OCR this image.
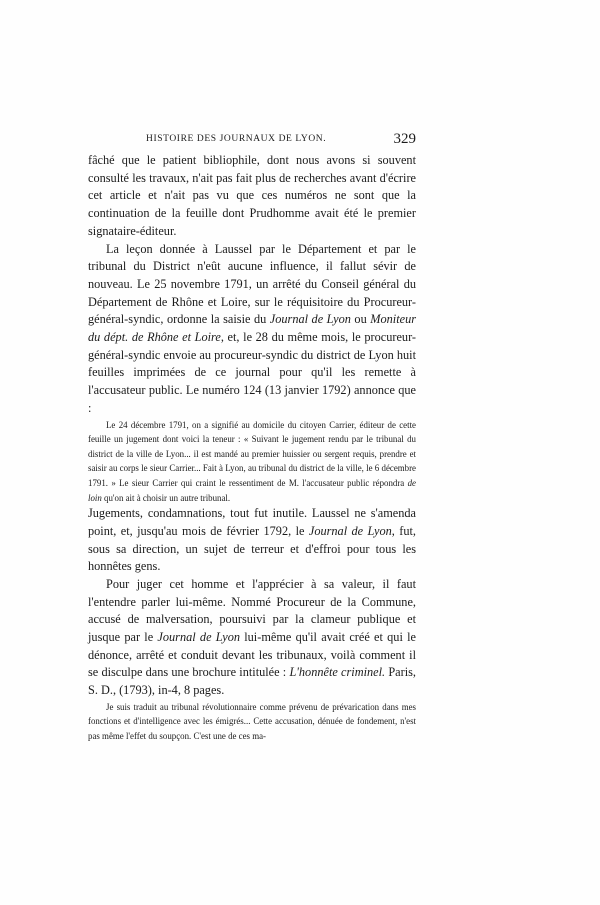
HISTOIRE DES JOURNAUX DE LYON.	329

fâché que le patient bibliophile, dont nous avons si souvent consulté les travaux, n'ait pas fait plus de recherches avant d'écrire cet article et n'ait pas vu que ces numéros ne sont que la continuation de la feuille dont Prudhomme avait été le premier signataire-éditeur.

La leçon donnée à Laussel par le Département et par le tribunal du District n'eût aucune influence, il fallut sévir de nouveau. Le 25 novembre 1791, un arrêté du Conseil général du Département de Rhône et Loire, sur le réquisitoire du Procureur-général-syndic, ordonne la saisie du Journal de Lyon ou Moniteur du dépt. de Rhône et Loire, et, le 28 du même mois, le procureur-général-syndic envoie au procureur-syndic du district de Lyon huit feuilles imprimées de ce journal pour qu'il les remette à l'accusateur public. Le numéro 124 (13 janvier 1792) annonce que :

Le 24 décembre 1791, on a signifié au domicile du citoyen Carrier, éditeur de cette feuille un jugement dont voici la teneur : « Suivant le jugement rendu par le tribunal du district de la ville de Lyon... il est mandé au premier huissier ou sergent requis, prendre et saisir au corps le sieur Carrier... Fait à Lyon, au tribunal du district de la ville, le 6 décembre 1791. » Le sieur Carrier qui craint le ressentiment de M. l'accusateur public répondra de loin qu'on ait à choisir un autre tribunal.

Jugements, condamnations, tout fut inutile. Laussel ne s'amenda point, et, jusqu'au mois de février 1792, le Journal de Lyon, fut, sous sa direction, un sujet de terreur et d'effroi pour tous les honnêtes gens.

Pour juger cet homme et l'apprécier à sa valeur, il faut l'entendre parler lui-même. Nommé Procureur de la Commune, accusé de malversation, poursuivi par la clameur publique et jusque par le Journal de Lyon lui-même qu'il avait créé et qui le dénonce, arrêté et conduit devant les tribunaux, voilà comment il se disculpe dans une brochure intitulée : L'honnête criminel. Paris, S. D., (1793), in-4, 8 pages.

Je suis traduit au tribunal révolutionnaire comme prévenu de prévarication dans mes fonctions et d'intelligence avec les émigrés... Cette accusation, dénuée de fondement, n'est pas même l'effet du soupçon. C'est une de ces ma-
